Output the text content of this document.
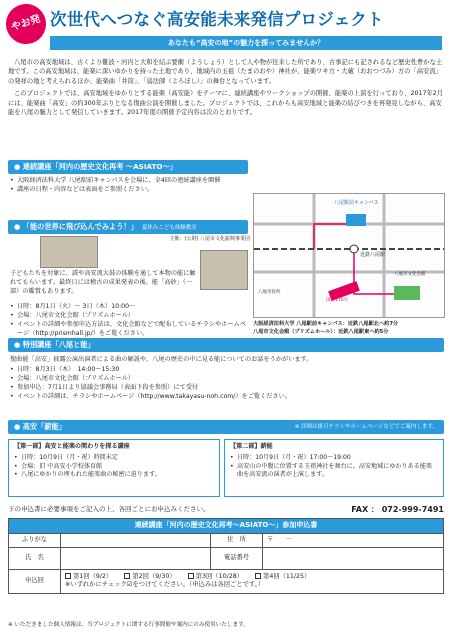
やお発 次世代へつなぐ高安能未来発信プロジェクト
あなたも“高安の地”の魅力を探ってみませんか？

八尾市の高安地域は、古くより難波・河内と大和を結ぶ要衝（ようしょう）として人や物が往来した所であり、古事記にも記されるなど歴史性豊かな土地です。この高安地域は、能楽に深いゆかりを持った土地であり、地域内の玉祖（たまのおや）神社が、能楽ワキ方・大蔵（おおつづみ）方の「高安流」の発祥の地と考えられるほか、能楽曲「井筒」、「弱法師（よろぼし）」の舞台となっています。

このプロジェクトでは、高安地域をゆかりとする能楽（高安能）をテーマに、連続講座やワークショップの開催、能楽の上演を行っており、2017年2月には、能楽曲「高安」の約300年ぶりとなる復曲公演を開催しました。プロジェクトでは、これからも高安地域と能楽の結びつきを再発見しながら、高安能を八尾の魅力として発信していきます。2017年度の開催予定内容は次のとおりです。

● 連続講座「河内の歴史文化再考 ～ASIATO～」
• 大阪経済法科大学 八尾駅前キャンパスを会場に、全4回の連続講座を開催
• 講座の日程・内容などは表面をご参照ください。
● 「能の世界に飛び込んでみよう！」 夏休みこども体験教室
主催：(公財) 八尾市文化振興事業団
子どもたちを対象に、謡や高安流大鼓の体験を通して本物の能に触れてもらいます。最終日には稽古の成果発表の後、能「高砂」（一部）の鑑賞もあります。
• 日時：8月1日（火）～ 3日（木）10:00～
• 会場：八尾市文化会館（プリズムホール）
• イベントの詳細や参加申込方法は、文化会館などで配布しているチラシやホームページ（http://prismhall.jp/）をご覧ください。
八尾駅前キャンパス
近鉄八尾駅
八尾市文化会館
プリズムホール
八尾市役所
国道170号
大阪経済法科大学 八尾駅前キャンパス：近鉄八尾駅北へ約7分
八尾市文化会館（プリズムホール）：近鉄八尾駅東へ約5分
● 特別講座「八尾と能」
復曲能「高安」披露公演出演者による曲の解説や、八尾の歴史の中に見る能についてのお話をうかがいます。
• 日時：8月3日（木）　14:00～15:30
• 会場：八尾市文化会館（プリズムホール）
• 参加申込：7月1日より協議会事務局（表面下段を参照）にて受付
• イベントの詳細は、チラシやホームページ（http://www.takayasu-noh.com/）をご覧ください。
● 高安「薪能」	※ 詳細は後日チラシやホームページなどでご案内します。
【第一部】高安と能楽の関わりを探る講座
• 日時：10月9日（月・祝）時間未定
• 会場：旧 中高安小学校体育館
• 八尾にゆかりの埋もれた能楽曲の秘密に迫ります。
【第二部】薪能
• 日時：10月9日（月・祝）17:00～19:00
• 高安山の中腹に位置する玉祖神社を舞台に、高安地域にゆかりある能楽曲を高安流の演者が上演します。
下の申込書に必要事項をご記入の上、各回ごとにお申込みください。	FAX ： 072-999-7491
連続講座「河内の歴史文化再考～ASIATO～」参加申込書			
ふりがな		住　所	〒　　－
氏　名			
		電話番号	
申込回	第1回（9/2） 第2回（9/30） 第3回（10/28） 第4回（11/25）
※いずれかにチェック☑をつけてください。（申込みは各回ごとです。）		
※ いただきました個人情報は、当プロジェクトに関する行事開催や案内にのみ使用いたします。
